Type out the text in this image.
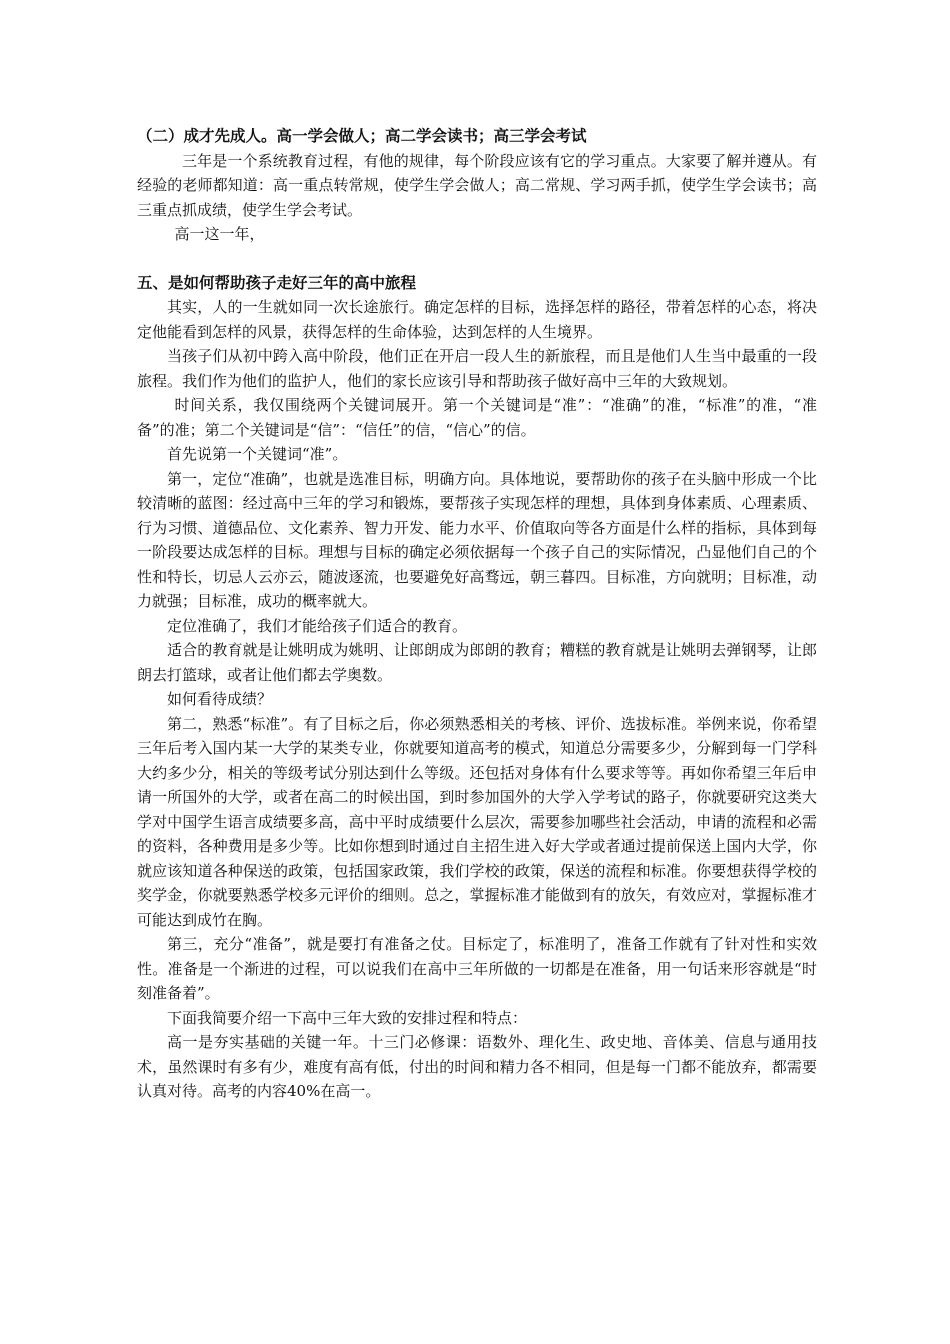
（二）成才先成人。高一学会做人；高二学会读书；高三学会考试

三年是一个系统教育过程，有他的规律，每个阶段应该有它的学习重点。大家要了解并遵从。有经验的老师都知道：高一重点转常规，使学生学会做人；高二常规、学习两手抓，使学生学会读书；高三重点抓成绩，使学生学会考试。

高一这一年，

五、是如何帮助孩子走好三年的高中旅程

其实，人的一生就如同一次长途旅行。确定怎样的目标，选择怎样的路径，带着怎样的心态，将决定他能看到怎样的风景，获得怎样的生命体验，达到怎样的人生境界。

当孩子们从初中跨入高中阶段，他们正在开启一段人生的新旅程，而且是他们人生当中最重的一段旅程。我们作为他们的监护人，他们的家长应该引导和帮助孩子做好高中三年的大致规划。

时间关系，我仅围绕两个关键词展开。第一个关键词是“准”：“准确”的准，“标准”的准，“准备”的准；第二个关键词是“信”：“信任”的信，“信心”的信。

首先说第一个关键词“准”。

第一，定位“准确”，也就是选准目标，明确方向。具体地说，要帮助你的孩子在头脑中形成一个比较清晰的蓝图：经过高中三年的学习和锻炼，要帮孩子实现怎样的理想，具体到身体素质、心理素质、行为习惯、道德品位、文化素养、智力开发、能力水平、价值取向等各方面是什么样的指标，具体到每一阶段要达成怎样的目标。理想与目标的确定必须依据每一个孩子自己的实际情况，凸显他们自己的个性和特长，切忌人云亦云，随波逐流，也要避免好高骛远，朝三暮四。目标准，方向就明；目标准，动力就强；目标准，成功的概率就大。

定位准确了，我们才能给孩子们适合的教育。

适合的教育就是让姚明成为姚明、让郎朗成为郎朗的教育；糟糕的教育就是让姚明去弹钢琴，让郎朗去打篮球，或者让他们都去学奥数。

如何看待成绩？

第二，熟悉“标准”。有了目标之后，你必须熟悉相关的考核、评价、选拔标准。举例来说，你希望三年后考入国内某一大学的某类专业，你就要知道高考的模式，知道总分需要多少，分解到每一门学科大约多少分，相关的等级考试分别达到什么等级。还包括对身体有什么要求等等。再如你希望三年后申请一所国外的大学，或者在高二的时候出国，到时参加国外的大学入学考试的路子，你就要研究这类大学对中国学生语言成绩要多高，高中平时成绩要什么层次，需要参加哪些社会活动，申请的流程和必需的资料，各种费用是多少等。比如你想到时通过自主招生进入好大学或者通过提前保送上国内大学，你就应该知道各种保送的政策，包括国家政策，我们学校的政策，保送的流程和标准。你要想获得学校的奖学金，你就要熟悉学校多元评价的细则。总之，掌握标准才能做到有的放矢，有效应对，掌握标准才可能达到成竹在胸。

第三，充分“准备”，就是要打有准备之仗。目标定了，标准明了，准备工作就有了针对性和实效性。准备是一个渐进的过程，可以说我们在高中三年所做的一切都是在准备，用一句话来形容就是“时刻准备着”。

下面我简要介绍一下高中三年大致的安排过程和特点：

高一是夯实基础的关键一年。十三门必修课：语数外、理化生、政史地、音体美、信息与通用技术，虽然课时有多有少，难度有高有低，付出的时间和精力各不相同，但是每一门都不能放弃，都需要认真对待。高考的内容40%在高一。
